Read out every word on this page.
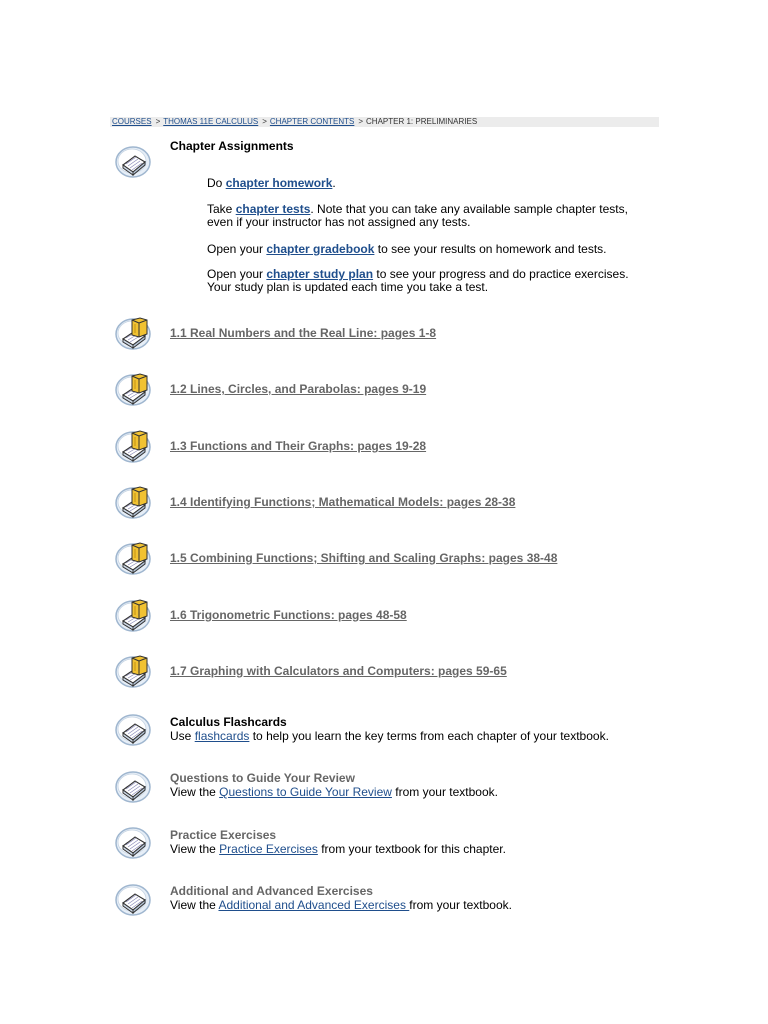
COURSES > THOMAS 11E CALCULUS > CHAPTER CONTENTS > CHAPTER 1: PRELIMINARIES
Chapter Assignments
Do chapter homework.
Take chapter tests. Note that you can take any available sample chapter tests,
even if your instructor has not assigned any tests.
Open your chapter gradebook to see your results on homework and tests.
Open your chapter study plan to see your progress and do practice exercises.
Your study plan is updated each time you take a test.
1.1 Real Numbers and the Real Line: pages 1-8
1.2 Lines, Circles, and Parabolas: pages 9-19
1.3 Functions and Their Graphs: pages 19-28
1.4 Identifying Functions; Mathematical Models: pages 28-38
1.5 Combining Functions; Shifting and Scaling Graphs: pages 38-48
1.6 Trigonometric Functions: pages 48-58
1.7 Graphing with Calculators and Computers: pages 59-65
Calculus Flashcards
Use flashcards to help you learn the key terms from each chapter of your textbook.
Questions to Guide Your Review
View the Questions to Guide Your Review from your textbook.
Practice Exercises
View the Practice Exercises from your textbook for this chapter.
Additional and Advanced Exercises
View the Additional and Advanced Exercises from your textbook.
